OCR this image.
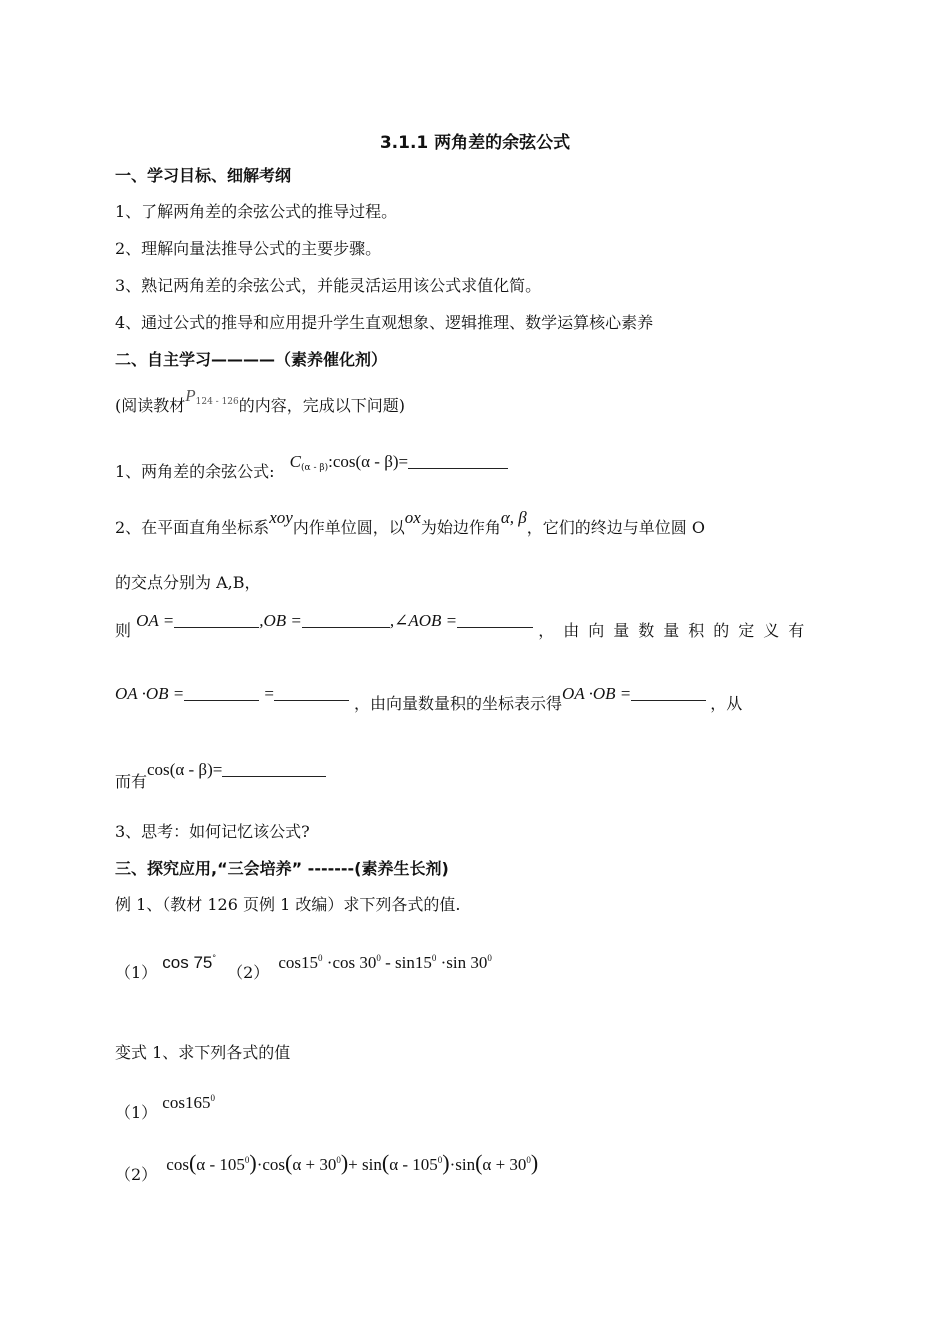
3.1.1 两角差的余弦公式
一、学习目标、细解考纲
1、了解两角差的余弦公式的推导过程。
2、理解向量法推导公式的主要步骤。
3、熟记两角差的余弦公式，并能灵活运用该公式求值化简。
4、通过公式的推导和应用提升学生直观想象、逻辑推理、数学运算核心素养
二、自主学习————（素养催化剂）
(阅读教材$P_{124 - 126}$的内容，完成以下问题)
1、两角差的余弦公式: $C_{(\alpha - \beta)}:\cos(\alpha - \beta)=$
2、在平面直角坐标系xoy内作单位圆，以ox为始边作角α, β，它们的终边与单位圆 O
的交点分别为 A,B，
则 OA =	,OB =	,∠AOB = ，由向量数量积的定义有
OA ·OB =	= ，由向量数量积的坐标表示得OA ·OB =，从
而有cos(α - β)=
3、思考：如何记忆该公式?
三、探究应用,“三会培养” -------(素养生长剂)
例 1、（教材 126 页例 1 改编）求下列各式的值.
（1） cos 75° （2） $\cos 15^0 \cdot\cos$ $30^0 - \sin 15^0 \cdot\sin$ $30^0$
变式 1、求下列各式的值
（1） $\cos 165^0$
（2） $\cos(\alpha - 105^0)\cdot\cos(\alpha + 30^0)+ \sin(\alpha - 105^0)\cdot\sin(\alpha + 30^0)$
